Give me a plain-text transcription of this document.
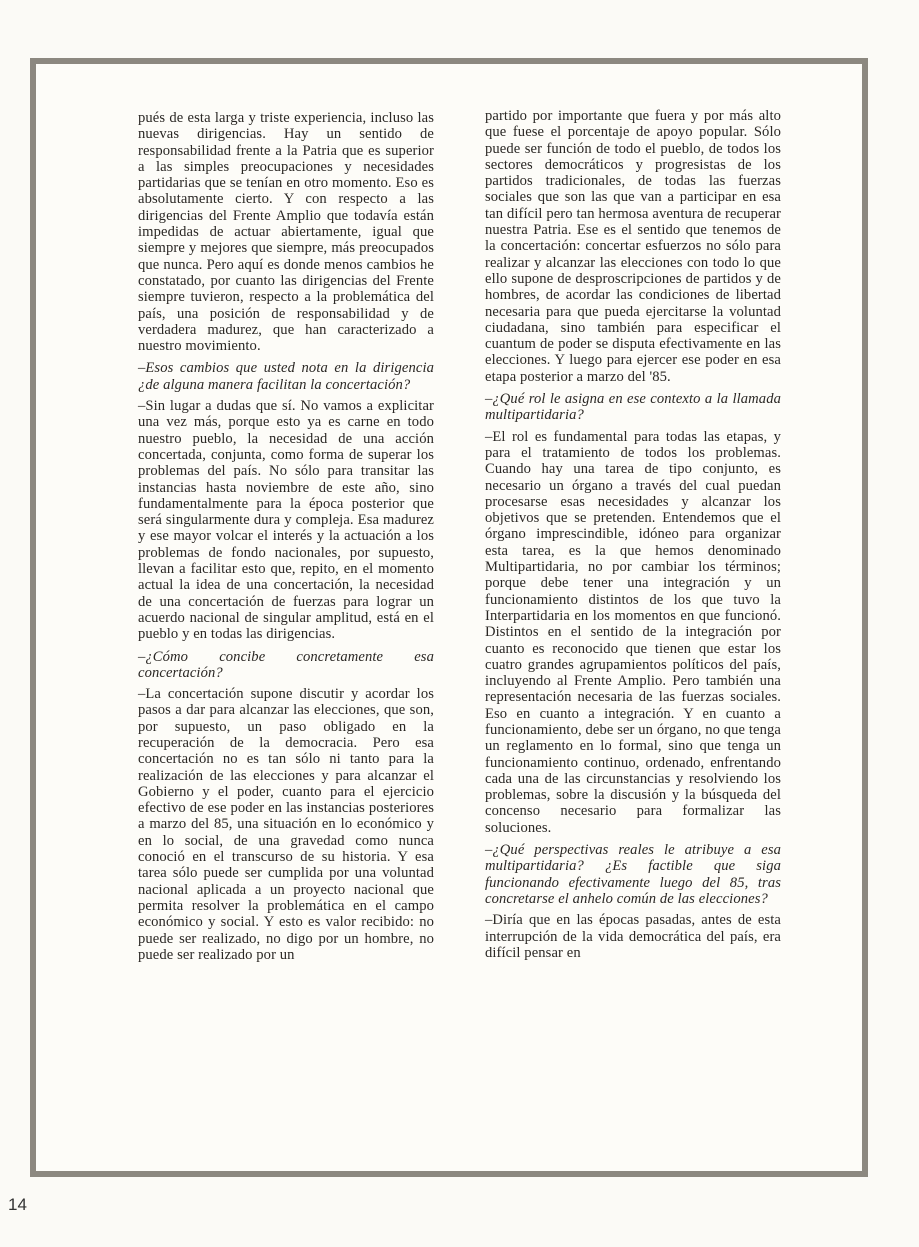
pués de esta larga y triste experiencia, incluso las nuevas dirigencias. Hay un sentido de responsabilidad frente a la Patria que es superior a las simples preocupaciones y necesidades partidarias que se tenían en otro momento. Eso es absolutamente cierto. Y con respecto a las dirigencias del Frente Amplio que todavía están impedidas de actuar abiertamente, igual que siempre y mejores que siempre, más preocupados que nunca. Pero aquí es donde menos cambios he constatado, por cuanto las dirigencias del Frente siempre tuvieron, respecto a la problemática del país, una posición de responsabilidad y de verdadera madurez, que han caracterizado a nuestro movimiento.

–Esos cambios que usted nota en la dirigencia ¿de alguna manera facilitan la concertación?

–Sin lugar a dudas que sí. No vamos a explicitar una vez más, porque esto ya es carne en todo nuestro pueblo, la necesidad de una acción concertada, conjunta, como forma de superar los problemas del país. No sólo para transitar las instancias hasta noviembre de este año, sino fundamentalmente para la época posterior que será singularmente dura y compleja. Esa madurez y ese mayor volcar el interés y la actuación a los problemas de fondo nacionales, por supuesto, llevan a facilitar esto que, repito, en el momento actual la idea de una concertación, la necesidad de una concertación de fuerzas para lograr un acuerdo nacional de singular amplitud, está en el pueblo y en todas las dirigencias.

–¿Cómo concibe concretamente esa concertación?

–La concertación supone discutir y acordar los pasos a dar para alcanzar las elecciones, que son, por supuesto, un paso obligado en la recuperación de la democracia. Pero esa concertación no es tan sólo ni tanto para la realización de las elecciones y para alcanzar el Gobierno y el poder, cuanto para el ejercicio efectivo de ese poder en las instancias posteriores a marzo del 85, una situación en lo económico y en lo social, de una gravedad como nunca conoció en el transcurso de su historia. Y esa tarea sólo puede ser cumplida por una voluntad nacional aplicada a un proyecto nacional que permita resolver la problemática en el campo económico y social. Y esto es valor recibido: no puede ser realizado, no digo por un hombre, no puede ser realizado por un

partido por importante que fuera y por más alto que fuese el porcentaje de apoyo popular. Sólo puede ser función de todo el pueblo, de todos los sectores democráticos y progresistas de los partidos tradicionales, de todas las fuerzas sociales que son las que van a participar en esa tan difícil pero tan hermosa aventura de recuperar nuestra Patria. Ese es el sentido que tenemos de la concertación: concertar esfuerzos no sólo para realizar y alcanzar las elecciones con todo lo que ello supone de desproscripciones de partidos y de hombres, de acordar las condiciones de libertad necesaria para que pueda ejercitarse la voluntad ciudadana, sino también para especificar el cuantum de poder se disputa efectivamente en las elecciones. Y luego para ejercer ese poder en esa etapa posterior a marzo del '85.

–¿Qué rol le asigna en ese contexto a la llamada multipartidaria?

–El rol es fundamental para todas las etapas, y para el tratamiento de todos los problemas. Cuando hay una tarea de tipo conjunto, es necesario un órgano a través del cual puedan procesarse esas necesidades y alcanzar los objetivos que se pretenden. Entendemos que el órgano imprescindible, idóneo para organizar esta tarea, es la que hemos denominado Multipartidaria, no por cambiar los términos; porque debe tener una integración y un funcionamiento distintos de los que tuvo la Interpartidaria en los momentos en que funcionó. Distintos en el sentido de la integración por cuanto es reconocido que tienen que estar los cuatro grandes agrupamientos políticos del país, incluyendo al Frente Amplio. Pero también una representación necesaria de las fuerzas sociales. Eso en cuanto a integración. Y en cuanto a funcionamiento, debe ser un órgano, no que tenga un reglamento en lo formal, sino que tenga un funcionamiento continuo, ordenado, enfrentando cada una de las circunstancias y resolviendo los problemas, sobre la discusión y la búsqueda del concenso necesario para formalizar las soluciones.

–¿Qué perspectivas reales le atribuye a esa multipartidaria? ¿Es factible que siga funcionando efectivamente luego del 85, tras concretarse el anhelo común de las elecciones?

–Diría que en las épocas pasadas, antes de esta interrupción de la vida democrática del país, era difícil pensar en

14
